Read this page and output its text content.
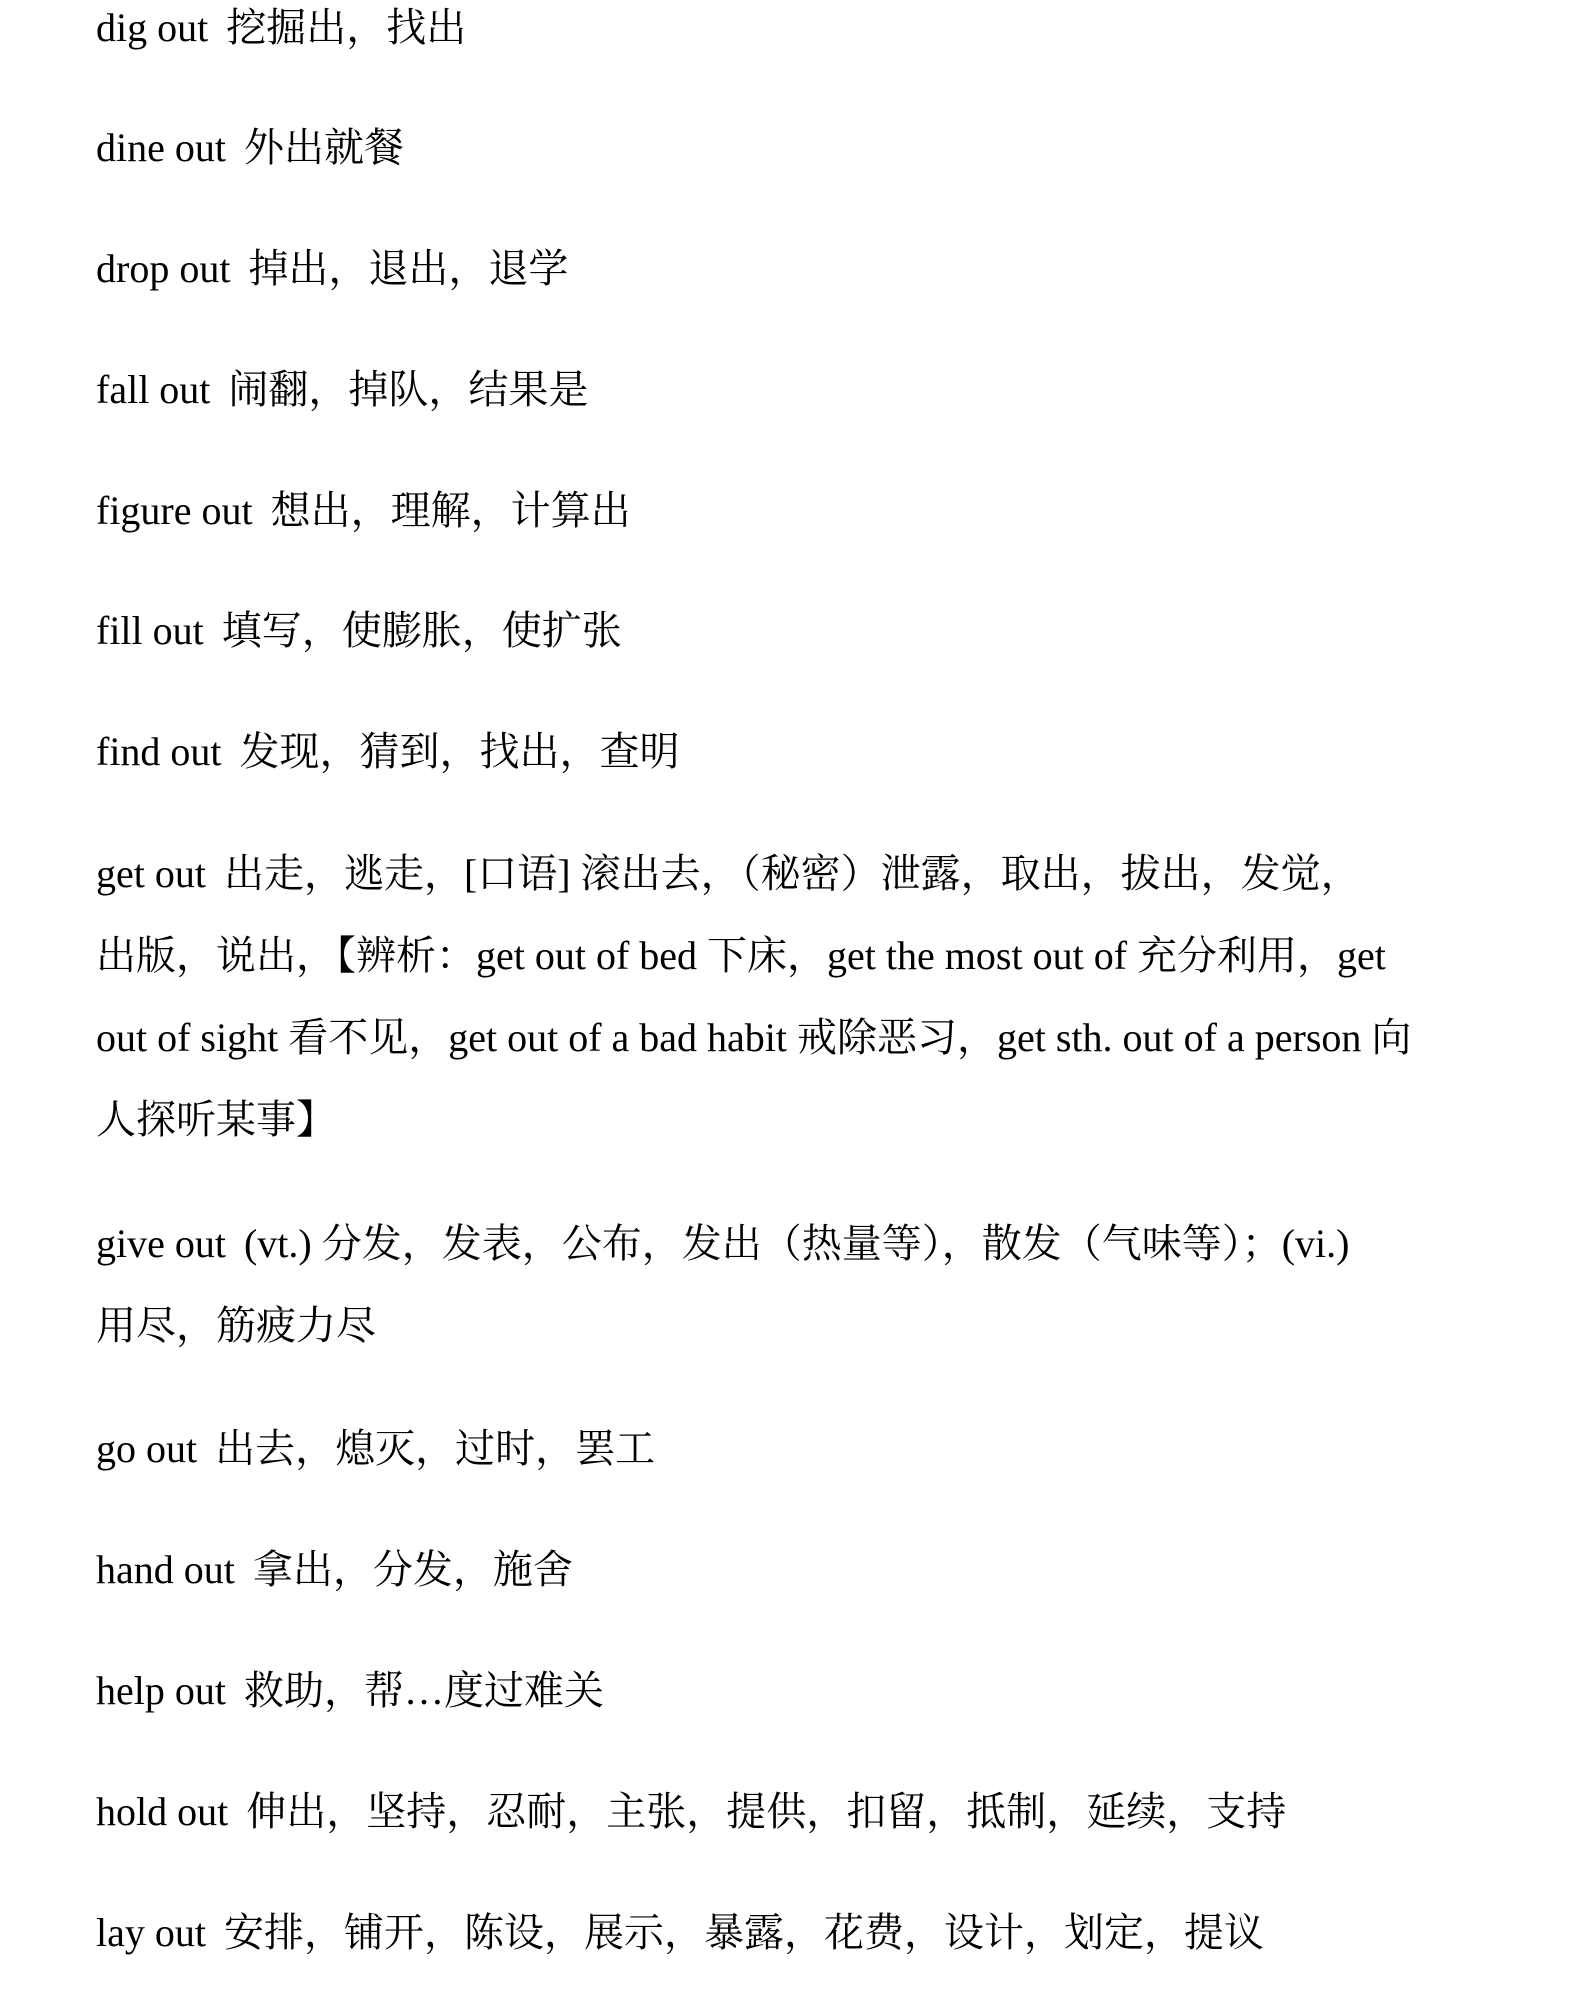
dig out 挖掘出，找出
dine out 外出就餐
drop out 掉出，退出，退学
fall out 闹翻，掉队，结果是
figure out 想出，理解，计算出
fill out 填写，使膨胀，使扩张
find out 发现，猜到，找出，查明
get out 出走，逃走，[口语] 滚出去，（秘密）泄露，取出，拔出，发觉，
出版，说出，【辨析：get out of bed 下床，get the most out of 充分利用，get
out of sight 看不见，get out of a bad habit 戒除恶习，get sth. out of a person 向
人探听某事】
give out (vt.) 分发，发表，公布，发出（热量等），散发（气味等）；(vi.)
用尽，筋疲力尽
go out 出去，熄灭，过时，罢工
hand out 拿出，分发，施舍
help out 救助，帮…度过难关
hold out 伸出，坚持，忍耐，主张，提供，扣留，抵制，延续，支持
lay out 安排，铺开，陈设，展示，暴露，花费，设计，划定，提议
